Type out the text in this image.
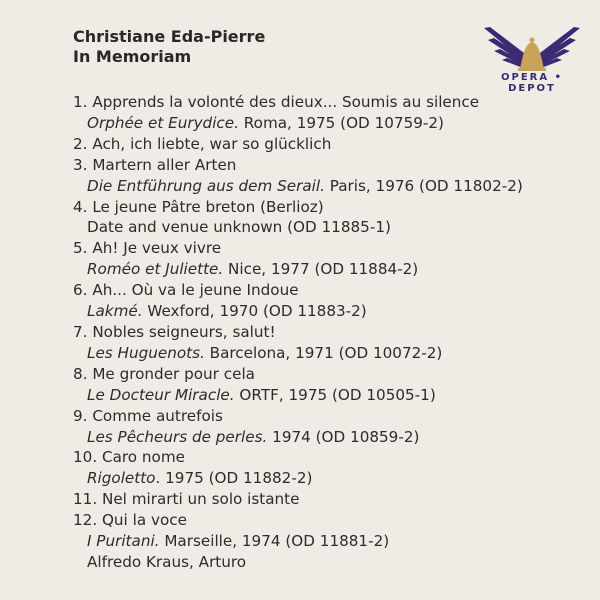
Christiane Eda-Pierre
In Memoriam
OPERA • DEPOT
1. Apprends la volonté des dieux... Soumis au silence
Orphée et Eurydice. Roma, 1975 (OD 10759-2)
2. Ach, ich liebte, war so glücklich
3. Martern aller Arten
Die Entführung aus dem Serail. Paris, 1976 (OD 11802-2)
4. Le jeune Pâtre breton (Berlioz)
Date and venue unknown (OD 11885-1)
5. Ah! Je veux vivre
Roméo et Juliette. Nice, 1977 (OD 11884-2)
6. Ah... Où va le jeune Indoue
Lakmé. Wexford, 1970 (OD 11883-2)
7. Nobles seigneurs, salut!
Les Huguenots. Barcelona, 1971 (OD 10072-2)
8. Me gronder pour cela
Le Docteur Miracle. ORTF, 1975 (OD 10505-1)
9. Comme autrefois
Les Pêcheurs de perles. 1974 (OD 10859-2)
10. Caro nome
Rigoletto. 1975 (OD 11882-2)
11. Nel mirarti un solo istante
12. Qui la voce
I Puritani. Marseille, 1974 (OD 11881-2)
Alfredo Kraus, Arturo
